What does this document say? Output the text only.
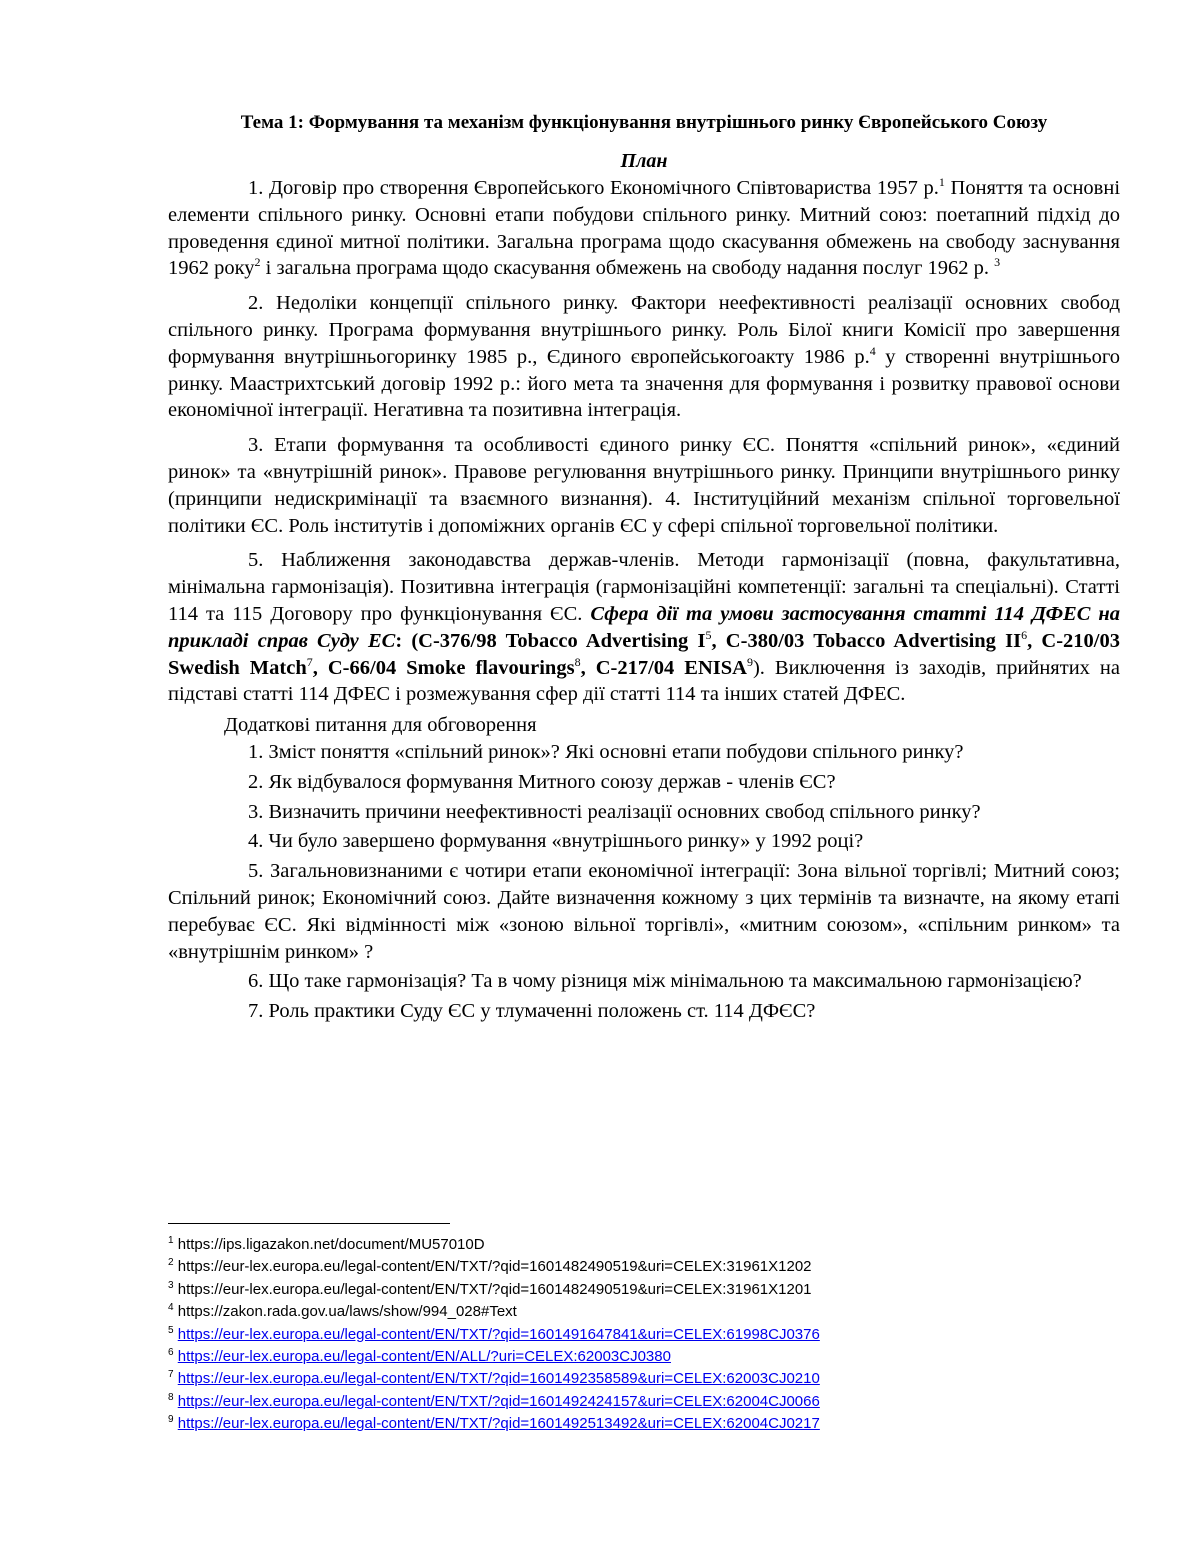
Тема 1: Формування та механізм функціонування внутрішнього ринку Європейського Союзу
План

1. Договір про створення Європейського Економічного Співтовариства 1957 р.$^1$ Поняття та основні елементи спільного ринку. Основні етапи побудови спільного ринку. Митний союз: поетапний підхід до проведення єдиної митної політики. Загальна програма щодо скасування обмежень на свободу заснування 1962 року$^2$ і загальна програма щодо скасування обмежень на свободу надання послуг 1962 р. $^3$

2. Недоліки концепції спільного ринку. Фактори неефективності реалізації основних свобод спільного ринку. Програма формування внутрішнього ринку. Роль Білої книги Комісії про завершення формування внутрішньогоринку 1985 р., Єдиного європейськогоакту 1986 р.$^4$ у створенні внутрішнього ринку. Маастрихтський договір 1992 р.: його мета та значення для формування і розвитку правової основи економічної інтеграції. Негативна та позитивна інтеграція.

3. Етапи формування та особливості єдиного ринку ЄС. Поняття «спільний ринок», «єдиний ринок» та «внутрішній ринок». Правове регулювання внутрішнього ринку. Принципи внутрішнього ринку (принципи недискримінації та взаємного визнання). 4. Інституційний механізм спільної торговельної політики ЄС. Роль інститутів і допоміжних органів ЄС у сфері спільної торговельної політики.

5. Наближення законодавства держав-членів. Методи гармонізації (повна, факультативна, мінімальна гармонізація). Позитивна інтеграція (гармонізаційні компетенції: загальні та спеціальні). Статті 114 та 115 Договору про функціонування ЄС. Сфера дії та умови застосування статті 114 ДФЕС на прикладі справ Суду ЕС: (C-376/98 Tobacco Advertising $I^5$, C-380/03 Tobacco Advertising $II^6$, C-210/03 Swedish Match$^7$, C-66/04 Smoke flavourings$^8$, C-217/04 ENISA$^9$). Виключення із заходів, прийнятих на підставі статті 114 ДФЕС і розмежування сфер дії статті 114 та інших статей ДФЕС.

Додаткові питання для обговорення
1. Зміст поняття «спільний ринок»? Які основні етапи побудови спільного ринку?
2. Як відбувалося формування Митного союзу держав - членів ЄС?
3. Визначить причини неефективності реалізації основних свобод спільного ринку?
4. Чи було завершено формування «внутрішнього ринку» у 1992 році?
5. Загальновизнаними є чотири етапи економічної інтеграції: Зона вільної торгівлі; Митний союз; Спільний ринок; Економічний союз. Дайте визначення кожному з цих термінів та визначте, на якому етапі перебуває ЄС. Які відмінності між «зоною вільної торгівлі», «митним союзом», «спільним ринком» та «внутрішнім ринком» ?
6. Що таке гармонізація? Та в чому різниця між мінімальною та максимальною гармонізацією?
7. Роль практики Суду ЄС у тлумаченні положень ст. 114 ДФЄС?
$^1$ https://ips.ligazakon.net/document/MU57010D
$^2$ https://eur-lex.europa.eu/legal-content/EN/TXT/?qid=1601482490519&uri=CELEX:31961X1202
$^3$ https://eur-lex.europa.eu/legal-content/EN/TXT/?qid=1601482490519&uri=CELEX:31961X1201
$^4$ https://zakon.rada.gov.ua/laws/show/994_028#Text
$^5$ https://eur-lex.europa.eu/legal-content/EN/TXT/?qid=1601491647841&uri=CELEX:61998CJ0376
$^6$ https://eur-lex.europa.eu/legal-content/EN/ALL/?uri=CELEX:62003CJ0380
$^7$ https://eur-lex.europa.eu/legal-content/EN/TXT/?qid=1601492358589&uri=CELEX:62003CJ0210
$^8$ https://eur-lex.europa.eu/legal-content/EN/TXT/?qid=1601492424157&uri=CELEX:62004CJ0066
$^9$ https://eur-lex.europa.eu/legal-content/EN/TXT/?qid=1601492513492&uri=CELEX:62004CJ0217
